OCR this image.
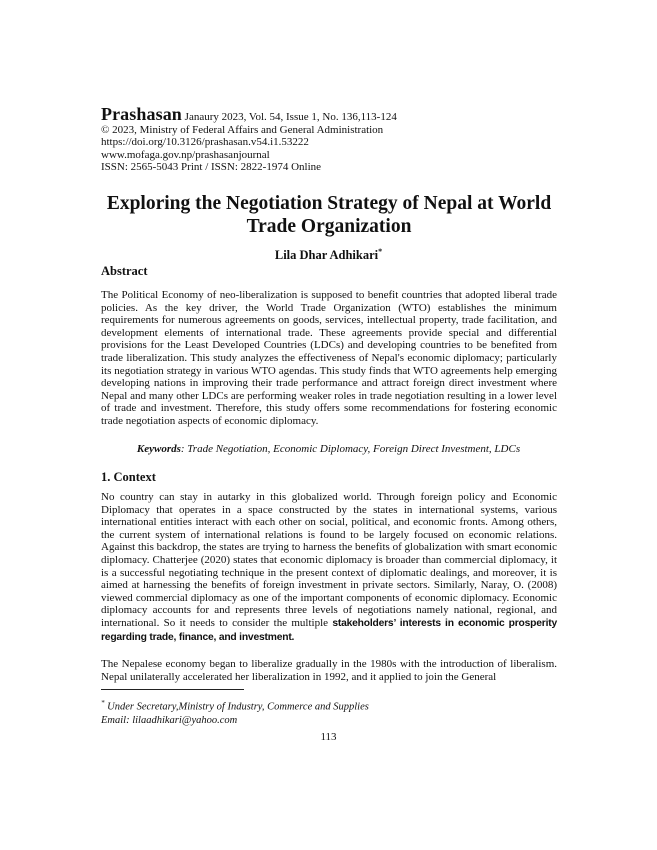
Prashasan Janaury 2023, Vol. 54, Issue 1, No. 136,113-124
© 2023, Ministry of Federal Affairs and General Administration
https://doi.org/10.3126/prashasan.v54.i1.53222
www.mofaga.gov.np/prashasanjournal
ISSN: 2565-5043 Print / ISSN: 2822-1974 Online
Exploring the Negotiation Strategy of Nepal at World Trade Organization
Lila Dhar Adhikari*
Abstract
The Political Economy of neo-liberalization is supposed to benefit countries that adopted liberal trade policies. As the key driver, the World Trade Organization (WTO) establishes the minimum requirements for numerous agreements on goods, services, intellectual property, trade facilitation, and development elements of international trade. These agreements provide special and differential provisions for the Least Developed Countries (LDCs) and developing countries to be benefited from trade liberalization. This study analyzes the effectiveness of Nepal's economic diplomacy; particularly its negotiation strategy in various WTO agendas. This study finds that WTO agreements help emerging developing nations in improving their trade performance and attract foreign direct investment where Nepal and many other LDCs are performing weaker roles in trade negotiation resulting in a lower level of trade and investment. Therefore, this study offers some recommendations for fostering economic trade negotiation aspects of economic diplomacy.
Keywords: Trade Negotiation, Economic Diplomacy, Foreign Direct Investment, LDCs
1. Context
No country can stay in autarky in this globalized world. Through foreign policy and Economic Diplomacy that operates in a space constructed by the states in international systems, various international entities interact with each other on social, political, and economic fronts. Among others, the current system of international relations is found to be largely focused on economic relations. Against this backdrop, the states are trying to harness the benefits of globalization with smart economic diplomacy. Chatterjee (2020) states that economic diplomacy is broader than commercial diplomacy, it is a successful negotiating technique in the present context of diplomatic dealings, and moreover, it is aimed at harnessing the benefits of foreign investment in private sectors. Similarly, Naray, O. (2008) viewed commercial diplomacy as one of the important components of economic diplomacy. Economic diplomacy accounts for and represents three levels of negotiations namely national, regional, and international. So it needs to consider the multiple stakeholders’ interests in economic prosperity regarding trade, finance, and investment.
The Nepalese economy began to liberalize gradually in the 1980s with the introduction of liberalism. Nepal unilaterally accelerated her liberalization in 1992, and it applied to join the General
* Under Secretary,Ministry of Industry, Commerce and Supplies
Email: lilaadhikari@yahoo.com
113
